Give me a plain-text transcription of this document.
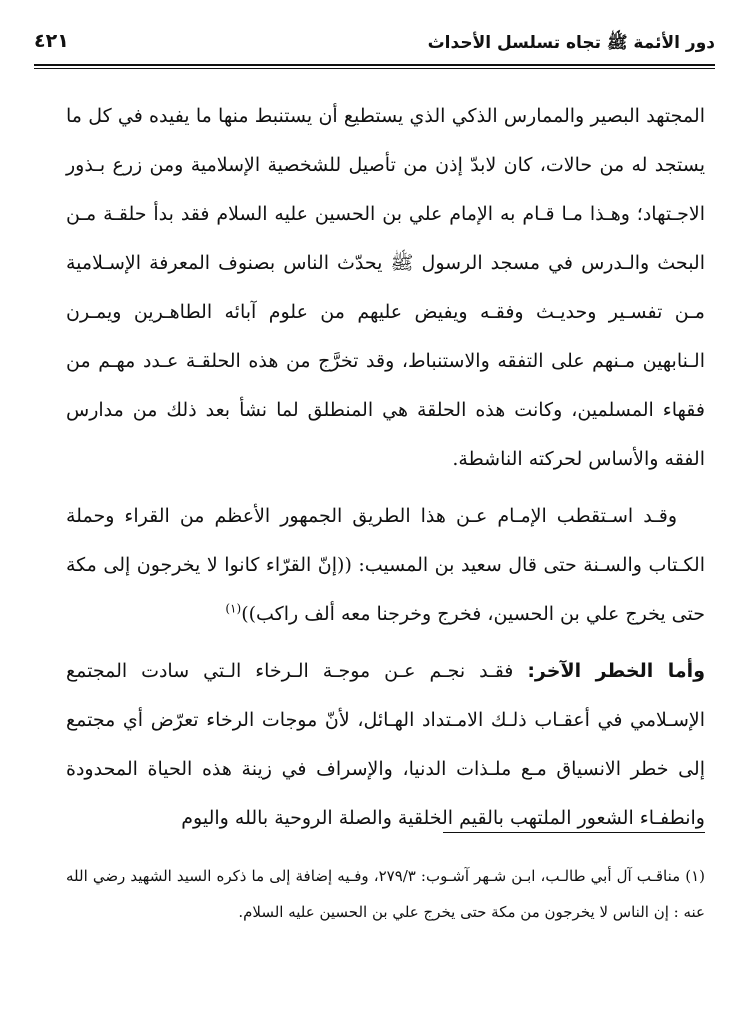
دور الأئمة ﷺ تجاه تسلسل الأحداث
٤٢١

المجتهد البصير والممارس الذكي الذي يستطيع أن يستنبط منها ما يفيده في كل ما يستجد له من حالات، كان لابدّ إذن من تأصيل للشخصية الإسلامية ومن زرع بـذور الاجـتهاد؛ وهـذا مـا قـام به الإمام علي بن الحسين عليه السلام فقد بدأ حلقـة مـن البحث والـدرس في مسجد الرسول ﷺ يحدّث الناس بصنوف المعرفة الإسـلامية مـن تفسـير وحديـث وفقـه ويفيض عليهم من علوم آبائه الطاهـرين ويمـرن الـنابهين مـنهم على التفقه والاستنباط، وقد تخرَّج من هذه الحلقـة عـدد مهـم من فقهاء المسلمين، وكانت هذه الحلقة هي المنطلق لما نشأ بعد ذلك من مدارس الفقه والأساس لحركته الناشطة.

وقـد اسـتقطب الإمـام عـن هذا الطريق الجمهور الأعظم من القراء وحملة الكـتاب والسـنة حتى قال سعيد بن المسيب: ((إنّ القرّاء كانوا لا يخرجون إلى مكة حتى يخرج علي بن الحسين، فخرج وخرجنا معه ألف راكب))$^{(١)}$

وأما الخطر الآخر: فقـد نجـم عـن موجـة الـرخاء الـتي سادت المجتمع الإسـلامي في أعقـاب ذلـك الامـتداد الهـائل، لأنّ موجات الرخاء تعرّض أي مجتمع إلى خطر الانسياق مـع ملـذات الدنيا، والإسراف في زينة هذه الحياة المحدودة وانطفـاء الشعور الملتهب بالقيم الخلقية والصلة الروحية بالله واليوم

(١) مناقـب آل أبي طالـب، ابـن شـهر آشـوب: ٢٧٩/٣، وفـيه إضافة إلى ما ذكره السيد الشهيد رضي الله عنه : إن الناس لا يخرجون من مكة حتى يخرج علي بن الحسين عليه السلام.
